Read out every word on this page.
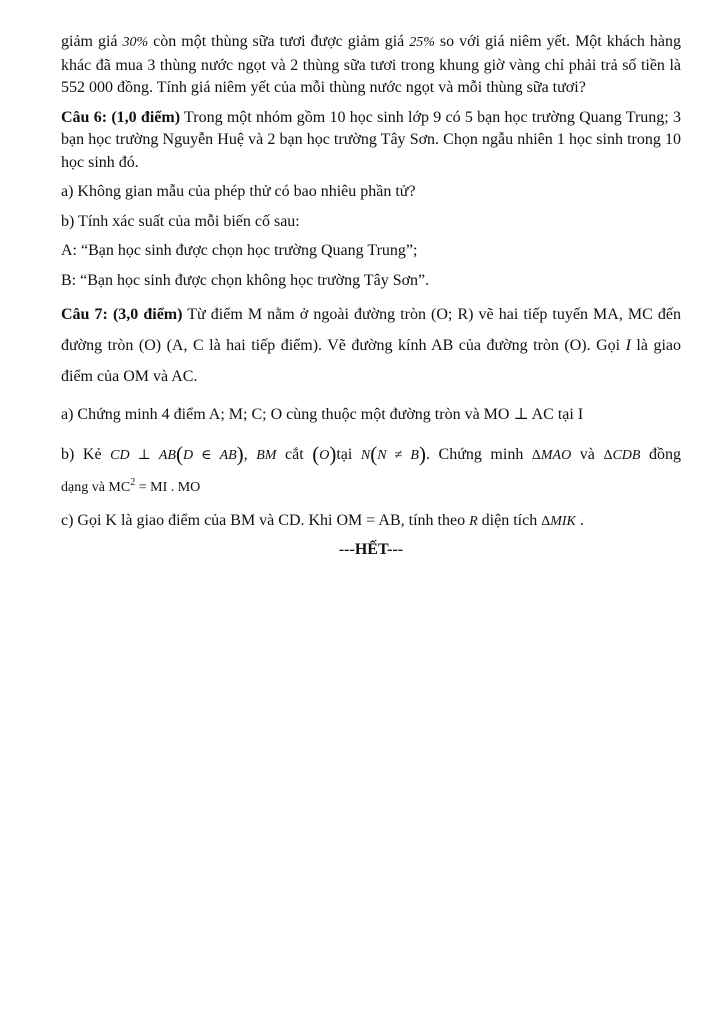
giảm giá 30% còn một thùng sữa tươi được giảm giá 25% so với giá niêm yết. Một khách hàng khác đã mua 3 thùng nước ngọt và 2 thùng sữa tươi trong khung giờ vàng chỉ phải trả số tiền là 552 000 đồng. Tính giá niêm yết của mỗi thùng nước ngọt và mỗi thùng sữa tươi?

Câu 6: (1,0 điểm) Trong một nhóm gồm 10 học sinh lớp 9 có 5 bạn học trường Quang Trung; 3 bạn học trường Nguyễn Huệ và 2 bạn học trường Tây Sơn. Chọn ngẫu nhiên 1 học sinh trong 10 học sinh đó.

a) Không gian mẫu của phép thử có bao nhiêu phần tử?

b) Tính xác suất của mỗi biến cố sau:

A: “Bạn học sinh được chọn học trường Quang Trung”;

B: “Bạn học sinh được chọn không học trường Tây Sơn”.

Câu 7: (3,0 điểm) Từ điểm M nằm ở ngoài đường tròn (O; R) vẽ hai tiếp tuyến MA, MC đến đường tròn (O) (A, C là hai tiếp điểm). Vẽ đường kính AB của đường tròn (O). Gọi I là giao điểm của OM và AC.

a) Chứng minh 4 điểm A; M; C; O cùng thuộc một đường tròn và MO ⊥ AC tại I

b) Kẻ CD ⊥ AB(D ∈ AB), BM cắt (O)tại N(N ≠ B). Chứng minh ΔMAO và ΔCDB đồng
dạng và $MC^2$ = MI . MO

c) Gọi K là giao điểm của BM và CD. Khi OM = AB, tính theo R diện tích ΔMIK .

---HẾT---
